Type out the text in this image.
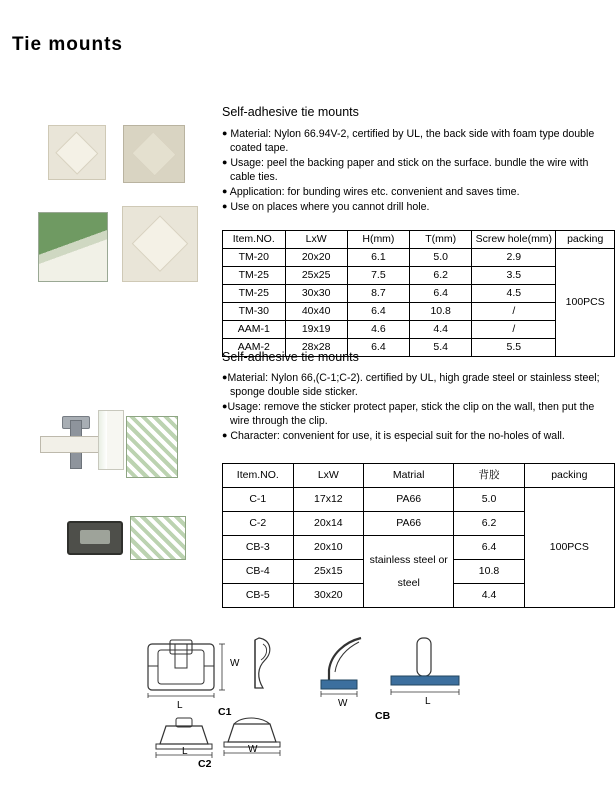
Tie mounts
Self-adhesive tie mounts

● Material: Nylon 66.94V-2, certified by UL, the back side with foam type double coated tape.

● Usage: peel the backing paper and stick on the surface. bundle the wire with cable ties.

● Application: for bunding wires etc. convenient and saves time.

● Use on places where you cannot drill hole.

Item.NO.	LxW	H(mm)	T(mm)	Screw hole(mm)	packing
TM-20	20x20	6.1	5.0	2.9	100PCS
TM-25	25x25	7.5	6.2	3.5	
TM-25	30x30	8.7	6.4	4.5	
TM-30	40x40	6.4	10.8	/	
AAM-1	19x19	4.6	4.4	/	
AAM-2	28x28	6.4	5.4	5.5	
Self-adhesive tie mounts

●Material: Nylon 66,(C-1;C-2). certified by UL, high grade steel or stainless steel; sponge double side sticker.

●Usage: remove the sticker protect paper, stick the clip on the wall, then put the wire through the clip.

● Character: convenient for use, it is especial suit for the no-holes of wall.

Item.NO.	LxW	Matrial	背胶	packing
C-1	17x12	PA66	5.0	100PCS
C-2	20x14	PA66	6.2	
CB-3	20x10	stainless steel or steel	6.4	
CB-4	25x15		10.8	
CB-5	30x20		4.4	
W
L
C1
W	L
CB
L
C2
W
